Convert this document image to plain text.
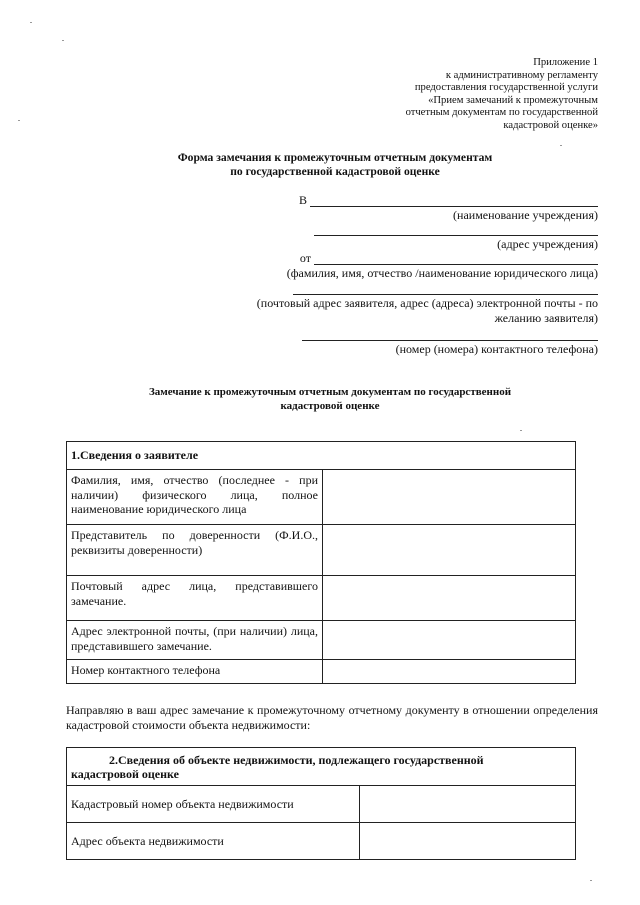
Приложение 1
к административному регламенту
предоставления государственной услуги
«Прием замечаний к промежуточным
отчетным документам по государственной
кадастровой оценке»
Форма замечания к промежуточным отчетным документам
по государственной кадастровой оценке
В
(наименование учреждения)
(адрес учреждения)
от
(фамилия, имя, отчество /наименование юридического лица)
(почтовый адрес заявителя, адрес (адреса) электронной почты - по
желанию заявителя)
(номер (номера) контактного телефона)
Замечание к промежуточным отчетным документам по государственной
кадастровой оценке
1.Сведения о заявителе	
Фамилия, имя, отчество (последнее - при наличии) физического лица, полное наименование юридического лица	
Представитель по доверенности (Ф.И.О., реквизиты доверенности)	
Почтовый адрес лица, представившего замечание.	
Адрес электронной почты, (при наличии) лица, представившего замечание.	
Номер контактного телефона	
Направляю в ваш адрес замечание к промежуточному отчетному документу в отношении определения кадастровой стоимости объекта недвижимости:
2.Сведения об объекте недвижимости, подлежащего государственной
кадастровой оценке	

Кадастровый номер объекта недвижимости	
Адрес объекта недвижимости	
